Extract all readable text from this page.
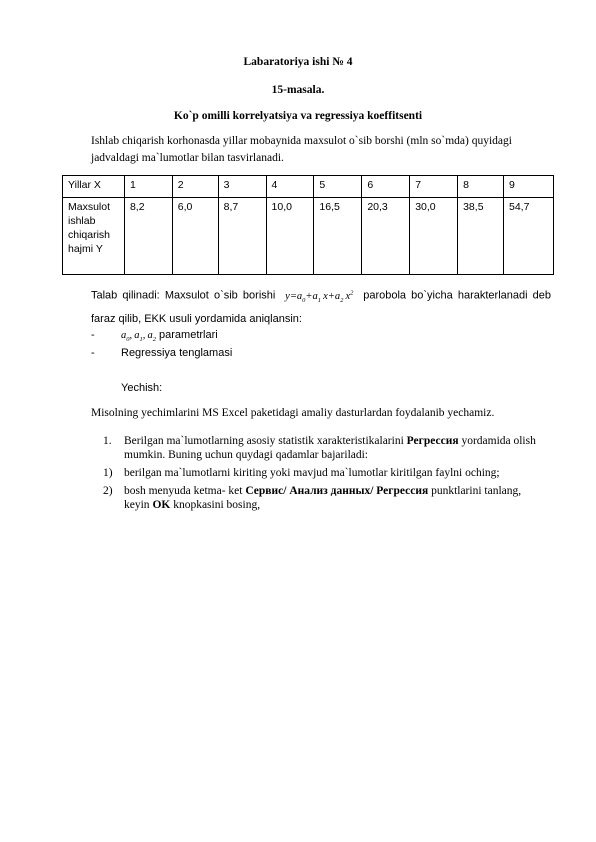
Labaratoriya ishi № 4
15-masala.
Ko`p omilli korrelyatsiya va regressiya koeffitsenti
Ishlab chiqarish korhonasda yillar mobaynida maxsulot o`sib borshi (mln so`mda) quyidagi
jadvaldagi ma`lumotlar bilan tasvirlanadi.
Yillar X	1	2	3	4	5	6	7	8	9
Maxsulot ishlab chiqarish hajmi Y	8,2	6,0	8,7	10,0	16,5	20,3	30,0	38,5	54,7
Talab qilinadi: Maxsulot o`sib borishi $y=a_0+a_1$  $x+a_2$  $x^2$ parobola bo`yicha harakterlanadi deb faraz qilib, EKK usuli yordamida aniqlansin:
-	$a_0$,  $a_1$,  $a_2$ parametrlari
- Regressiya tenglamasi
Yechish:
Misolning yechimlarini MS Excel paketidagi amaliy dasturlardan foydalanib yechamiz.
1. Berilgan ma`lumotlarning asosiy statistik xarakteristikalarini Регрессия yordamida olish
mumkin. Buning uchun quydagi qadamlar bajariladi:
1) berilgan ma`lumotlarni kiriting yoki mavjud ma`lumotlar kiritilgan faylni oching;
2) bosh menyuda ketma- ket Сервис/ Анализ данных/ Регрессия punktlarini tanlang,
keyin OK knopkasini bosing,
